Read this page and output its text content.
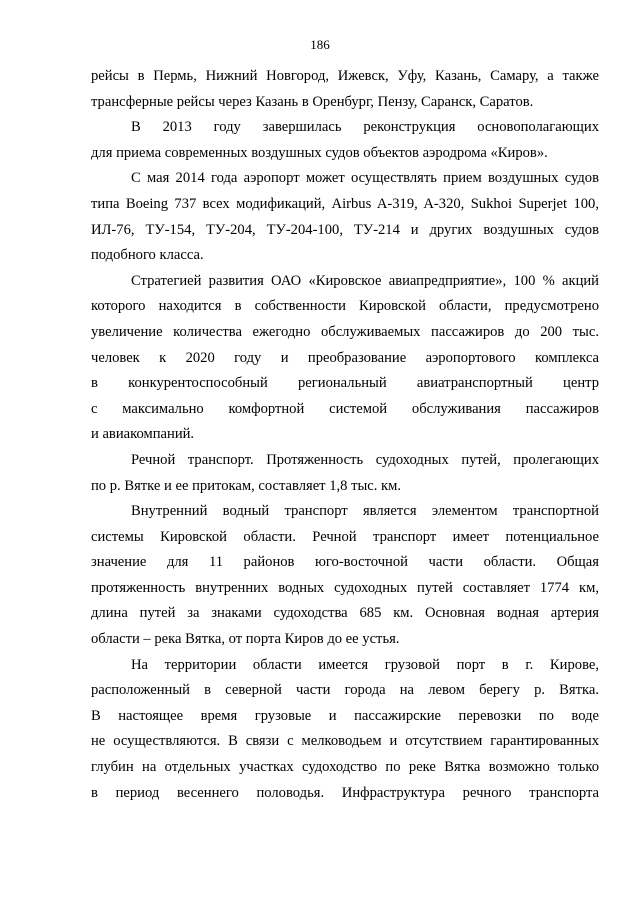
186
рейсы в Пермь, Нижний Новгород, Ижевск, Уфу, Казань, Самару, а также
трансферные рейсы через Казань в Оренбург, Пензу, Саранск, Саратов.
В 2013 году завершилась реконструкция основополагающих
для приема современных воздушных судов объектов аэродрома «Киров».
С мая 2014 года аэропорт может осуществлять прием воздушных судов
типа Boeing 737 всех модификаций, Airbus A-319, A-320, Sukhoi Superjet 100,
ИЛ-76, ТУ-154, ТУ-204, ТУ-204-100, ТУ-214 и других воздушных судов
подобного класса.
Стратегией развития ОАО «Кировское авиапредприятие», 100 % акций
которого находится в собственности Кировской области, предусмотрено
увеличение количества ежегодно обслуживаемых пассажиров до 200 тыс.
человек к 2020 году и преобразование аэропортового комплекса
в конкурентоспособный региональный авиатранспортный центр
с максимально комфортной системой обслуживания пассажиров
и авиакомпаний.
Речной транспорт. Протяженность судоходных путей, пролегающих
по р. Вятке и ее притокам, составляет 1,8 тыс. км.
Внутренний водный транспорт является элементом транспортной
системы Кировской области. Речной транспорт имеет потенциальное
значение для 11 районов юго-восточной части области. Общая
протяженность внутренних водных судоходных путей составляет 1774 км,
длина путей за знаками судоходства 685 км. Основная водная артерия
области – река Вятка, от порта Киров до ее устья.
На территории области имеется грузовой порт в г. Кирове,
расположенный в северной части города на левом берегу р. Вятка.
В настоящее время грузовые и пассажирские перевозки по воде
не осуществляются. В связи с мелководьем и отсутствием гарантированных
глубин на отдельных участках судоходство по реке Вятка возможно только
в период весеннего половодья. Инфраструктура речного транспорта
